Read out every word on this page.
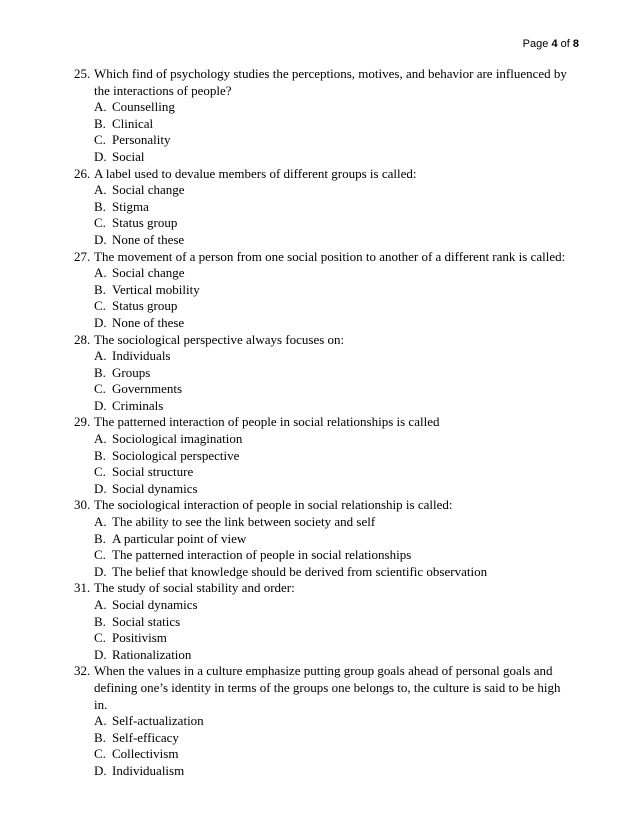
Page 4 of 8
25. Which find of psychology studies the perceptions, motives, and behavior are influenced by the interactions of people?
A. Counselling
B. Clinical
C. Personality
D. Social
26. A label used to devalue members of different groups is called:
A. Social change
B. Stigma
C. Status group
D. None of these
27. The movement of a person from one social position to another of a different rank is called:
A. Social change
B. Vertical mobility
C. Status group
D. None of these
28. The sociological perspective always focuses on:
A. Individuals
B. Groups
C. Governments
D. Criminals
29. The patterned interaction of people in social relationships is called
A. Sociological imagination
B. Sociological perspective
C. Social structure
D. Social dynamics
30. The sociological interaction of people in social relationship is called:
A. The ability to see the link between society and self
B. A particular point of view
C. The patterned interaction of people in social relationships
D. The belief that knowledge should be derived from scientific observation
31. The study of social stability and order:
A. Social dynamics
B. Social statics
C. Positivism
D. Rationalization
32. When the values in a culture emphasize putting group goals ahead of personal goals and defining one’s identity in terms of the groups one belongs to, the culture is said to be high in.
A. Self-actualization
B. Self-efficacy
C. Collectivism
D. Individualism
